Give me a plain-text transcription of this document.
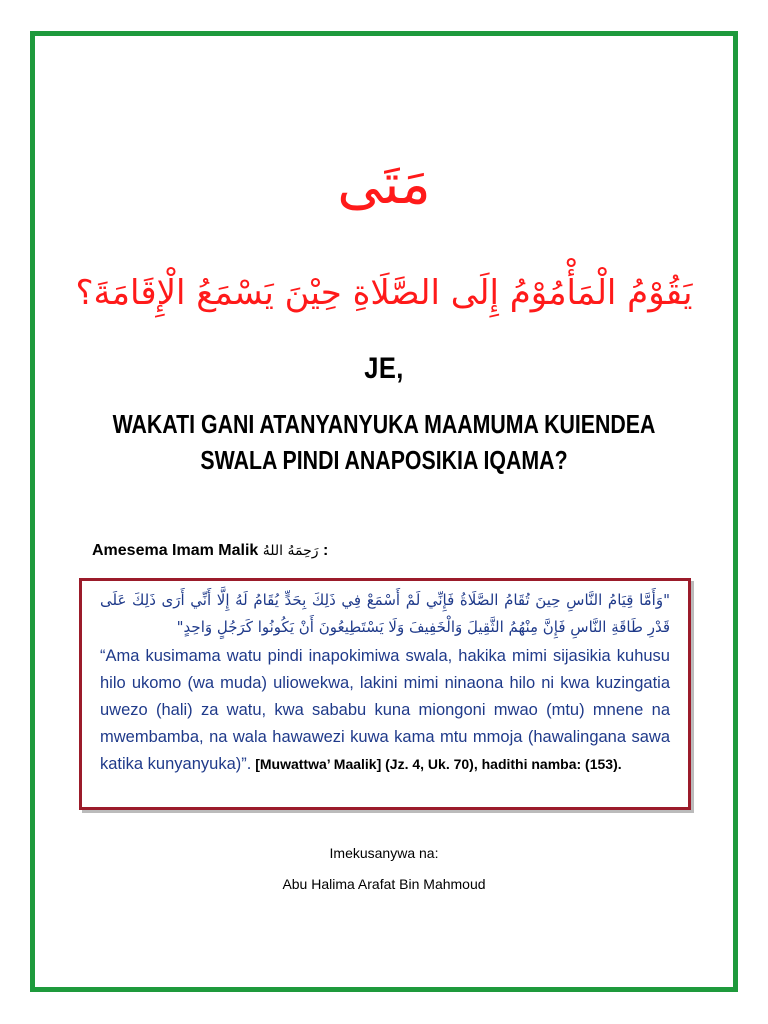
مَتَى
يَقُوْمُ الْمَأْمُوْمُ إِلَى الصَّلَاةِ حِيْنَ يَسْمَعُ الْإِقَامَةَ؟
JE,
WAKATI GANI ATANYANYUKA MAAMUMA KUIENDEA
SWALA PINDI ANAPOSIKIA IQAMA?
Amesema Imam Malik رَحِمَهُ اللهُ :
"وَأَمَّا قِيَامُ النَّاسِ حِينَ تُقَامُ الصَّلَاةُ فَإِنِّي لَمْ أَسْمَعْ فِي ذَلِكَ بِحَدٍّ يُقَامُ لَهُ إِلَّا أَنِّي أَرَى ذَلِكَ عَلَى قَدْرِ طَاقَةِ النَّاسِ فَإِنَّ مِنْهُمُ الثَّقِيلَ وَالْخَفِيفَ وَلَا يَسْتَطِيعُونَ أَنْ يَكُونُوا كَرَجُلٍ وَاحِدٍ"
“Ama kusimama watu pindi inapokimiwa swala, hakika mimi sijasikia kuhusu hilo ukomo (wa muda) uliowekwa, lakini mimi ninaona hilo ni kwa kuzingatia uwezo (hali) za watu, kwa sababu kuna miongoni mwao (mtu) mnene na mwembamba, na wala hawawezi kuwa kama mtu mmoja (hawalingana sawa katika kunyanyuka)”. [Muwattwa’ Maalik] (Jz. 4, Uk. 70), hadithi namba: (153).
Imekusanywa na:
Abu Halima Arafat Bin Mahmoud
